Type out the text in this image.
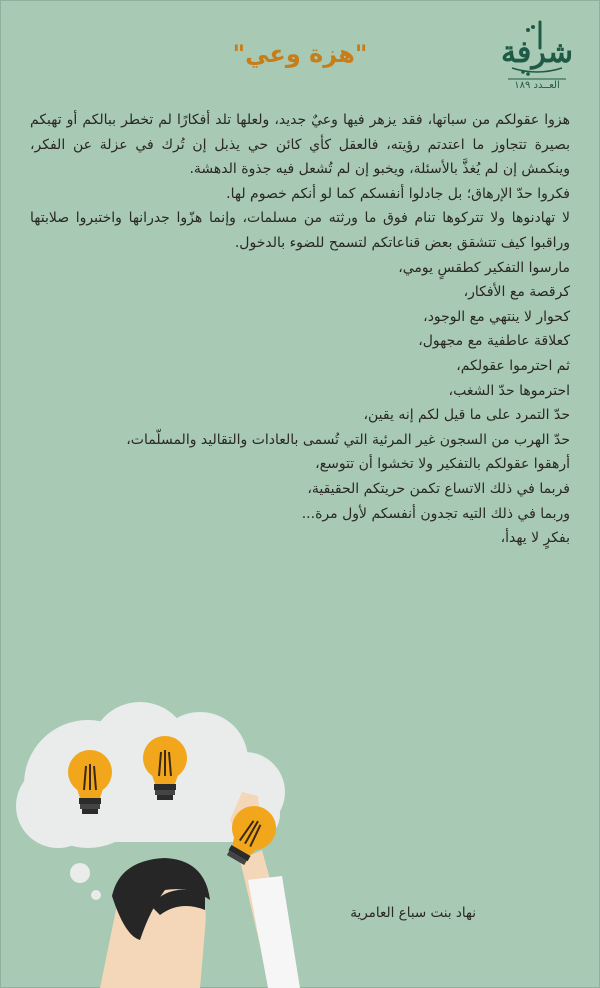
شرفة
العــدد ١٨٩
"هزة وعي"

هزوا عقولكم من سباتها، فقد يزهر فيها وعيٌ جديد، ولعلها تلد أفكارًا لم تخطر ببالكم أو تهبكم بصيرة تتجاوز ما اعتدتم رؤيته، فالعقل كأي كائن حي يذبل إن تُرك في عزلة عن الفكر، وينكمش إن لم يُغذَّ بالأسئلة، ويخبو إن لم تُشعل فيه جذوة الدهشة.

فكروا حدّ الإرهاق؛ بل جادلوا أنفسكم كما لو أنكم خصوم لها.

لا تهادنوها ولا تتركوها تنام فوق ما ورثته من مسلمات، وإنما هزّوا جدرانها واختبروا صلابتها وراقبوا كيف تتشقق بعض قناعاتكم لتسمح للضوء بالدخول.

مارسوا التفكير كطقسٍ يومي،

كرقصة مع الأفكار،

كحوار لا ينتهي مع الوجود،

كعلاقة عاطفية مع مجهول،

ثم احترموا عقولكم،

احترموها حدّ الشغب،

حدّ التمرد على ما قيل لكم إنه يقين،

حدّ الهرب من السجون غير المرئية التي تُسمى بالعادات والتقاليد والمسلّمات،

أرهقوا عقولكم بالتفكير ولا تخشوا أن تتوسع،

فربما في ذلك الاتساع تكمن حريتكم الحقيقية،

وربما في ذلك التيه تجدون أنفسكم لأول مرة...

بفكرٍ لا يهدأ،

نهاد بنت سباع العامرية
